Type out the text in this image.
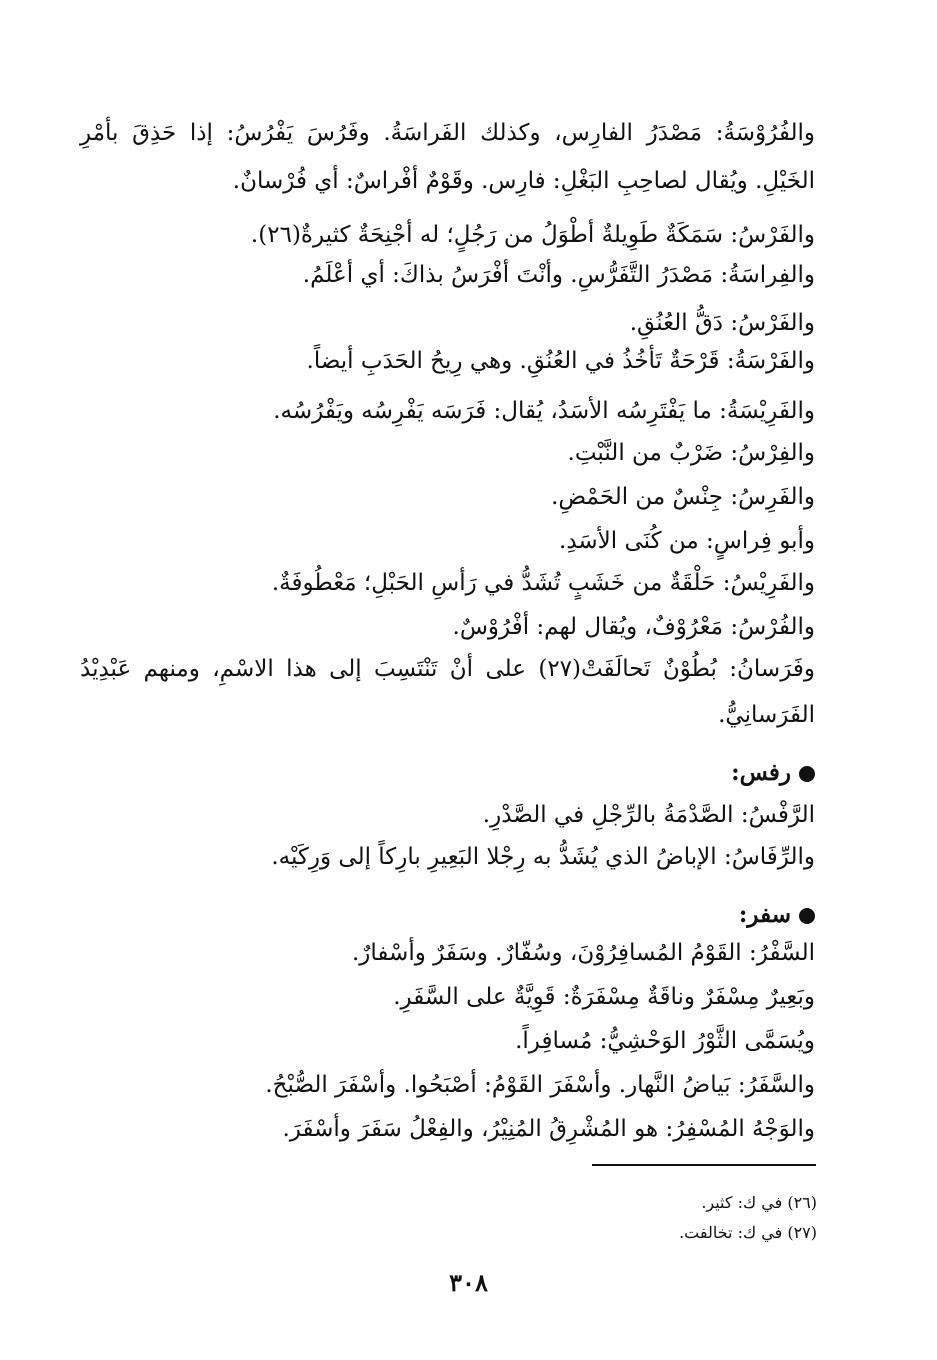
والفُرُوْسَةُ: مَصْدَرُ الفارِس، وكذلك الفَراسَةُ. وفَرُسَ يَفْرُسُ: إذا حَذِقَ بأمْرِ
الخَيْلِ. ويُقال لصاحِبِ البَغْلِ: فارِس. وقَوْمٌ أفْراسٌ: أي فُرْسانٌ.
والفَرْسُ: سَمَكَةٌ طَوِيلةٌ أطْوَلُ من رَجُلٍ؛ له أجْنِحَةٌ كثيرةٌ(٢٦).
والفِراسَةُ: مَصْدَرُ التَّفَرُّسِ. وأنْتَ أفْرَسُ بذاكَ: أي أعْلَمُ.
والفَرْسُ: دَقُّ العُنُقِ.
والفَرْسَةُ: قَرْحَةٌ تَأخُذُ في العُنُقِ. وهي رِيحُ الحَدَبِ أيضاً.
والفَرِيْسَةُ: ما يَفْتَرِسُه الأسَدُ، يُقال: فَرَسَه يَفْرِسُه ويَفْرُسُه.
والفِرْسُ: ضَرْبٌ من النَّبْتِ.
والفَرِسُ: جِنْسٌ من الحَمْضِ.
وأبو فِراسٍ: من كُنَى الأسَدِ.
والفَرِيْسُ: حَلْقَةٌ من خَشَبٍ تُشَدُّ في رَأسِ الحَبْلِ؛ مَعْطُوفَةٌ.
والفُرْسُ: مَعْرُوْفٌ، ويُقال لهم: أفْرُوْسٌ.
وفَرَسانُ: بُطُوْنٌ تَحالَفَتْ(٢٧) على أنْ تَنْتَسِبَ إلى هذا الاسْمِ، ومنهم عَبْدِيْدُ
الفَرَسانِيُّ.
رفس:
الرَّفْسُ: الصَّدْمَةُ بالرِّجْلِ في الصَّدْرِ.
والرِّفَاسُ: الإباضُ الذي يُشَدُّ به رِجْلا البَعِيرِ بارِكاً إلى وَرِكَيْه.
سفر:
السَّفْرُ: القَوْمُ المُسافِرُوْنَ، وسُفّارٌ. وسَفَرٌ وأسْفارٌ.
وبَعِيرٌ مِسْفَرٌ وناقَةٌ مِسْفَرَةٌ: قَوِيَّةٌ على السَّفَرِ.
ويُسَمَّى الثَّوْرُ الوَحْشِيُّ: مُسافِراً.
والسَّفَرُ: بَياضُ النَّهار. وأسْفَرَ القَوْمُ: أصْبَحُوا. وأسْفَرَ الصُّبْحُ.
والوَجْهُ المُسْفِرُ: هو المُشْرِقُ المُنِيْرُ، والفِعْلُ سَفَرَ وأسْفَرَ.
(٢٦) في ك: كثير.
(٢٧) في ك: تخالفت.
٣٠٨
